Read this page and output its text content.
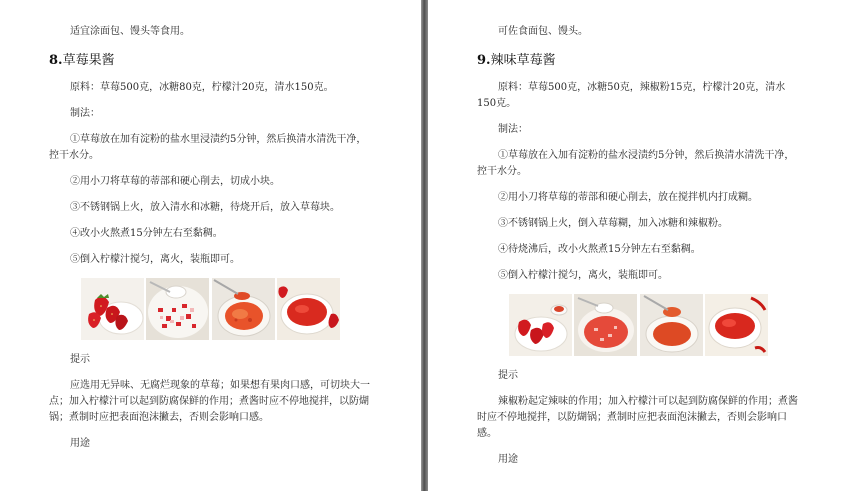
适宜涂面包、馒头等食用。
8.草莓果酱
原料：草莓500克，冰糖80克，柠檬汁20克，清水150克。
制法：
①草莓放在加有淀粉的盐水里浸渍约5分钟，然后换清水清洗干净，控干水分。
②用小刀将草莓的蒂部和硬心削去，切成小块。
③不锈钢锅上火，放入清水和冰糖，待烧开后，放入草莓块。
④改小火熬煮15分钟左右至黏稠。
⑤倒入柠檬汁搅匀，离火，装瓶即可。
提示
应选用无异味、无腐烂现象的草莓；如果想有果肉口感，可切块大一点；加入柠檬汁可以起到防腐保鲜的作用；煮酱时应不停地搅拌，以防煳锅；煮制时应把表面泡沫撇去，否则会影响口感。
用途
可佐食面包、馒头。
9.辣味草莓酱
原料：草莓500克，冰糖50克，辣椒粉15克，柠檬汁20克，清水150克。
制法：
①草莓放在入加有淀粉的盐水浸渍约5分钟，然后换清水清洗干净，控干水分。
②用小刀将草莓的蒂部和硬心削去，放在搅拌机内打成糊。
③不锈钢锅上火，倒入草莓糊，加入冰糖和辣椒粉。
④待烧沸后，改小火熬煮15分钟左右至黏稠。
⑤倒入柠檬汁搅匀，离火，装瓶即可。
提示
辣椒粉起定辣味的作用；加入柠檬汁可以起到防腐保鲜的作用；煮酱时应不停地搅拌，以防煳锅；煮制时应把表面泡沫撇去，否则会影响口感。
用途
